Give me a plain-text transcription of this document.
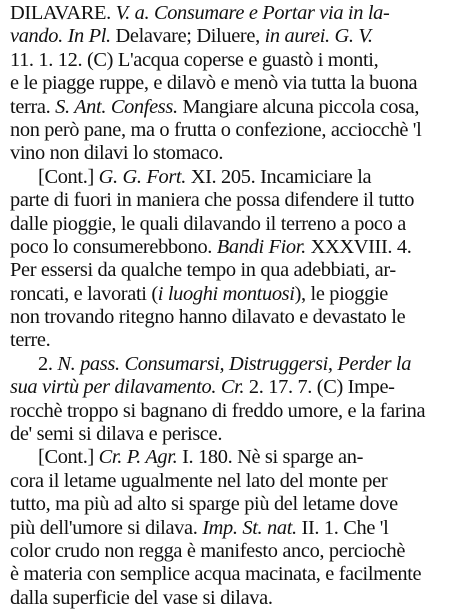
DILAVARE. V. a. Consumare e Portar via in la-
vando. In Pl. Delavare; Diluere, in aurei. G. V.
11. 1. 12. (C) L'acqua coperse e guastò i monti,
e le piagge ruppe, e dilavò e menò via tutta la buona
terra. S. Ant. Confess. Mangiare alcuna piccola cosa,
non però pane, ma o frutta o confezione, acciocchè 'l
vino non dilavi lo stomaco.
[Cont.] G. G. Fort. XI. 205. Incamiciare la
parte di fuori in maniera che possa difendere il tutto
dalle pioggie, le quali dilavando il terreno a poco a
poco lo consumerebbono. Bandi Fior. XXXVIII. 4.
Per essersi da qualche tempo in qua adebbiati, ar-
roncati, e lavorati (i luoghi montuosi), le pioggie
non trovando ritegno hanno dilavato e devastato le
terre.
2. N. pass. Consumarsi, Distruggersi, Perder la
sua virtù per dilavamento. Cr. 2. 17. 7. (C) Impe-
rocchè troppo si bagnano di freddo umore, e la farina
de' semi si dilava e perisce.
[Cont.] Cr. P. Agr. I. 180. Nè si sparge an-
cora il letame ugualmente nel lato del monte per
tutto, ma più ad alto si sparge più del letame dove
più dell'umore si dilava. Imp. St. nat. II. 1. Che 'l
color crudo non regga è manifesto anco, perciochè
è materia con semplice acqua macinata, e facilmente
dalla superficie del vase si dilava.
